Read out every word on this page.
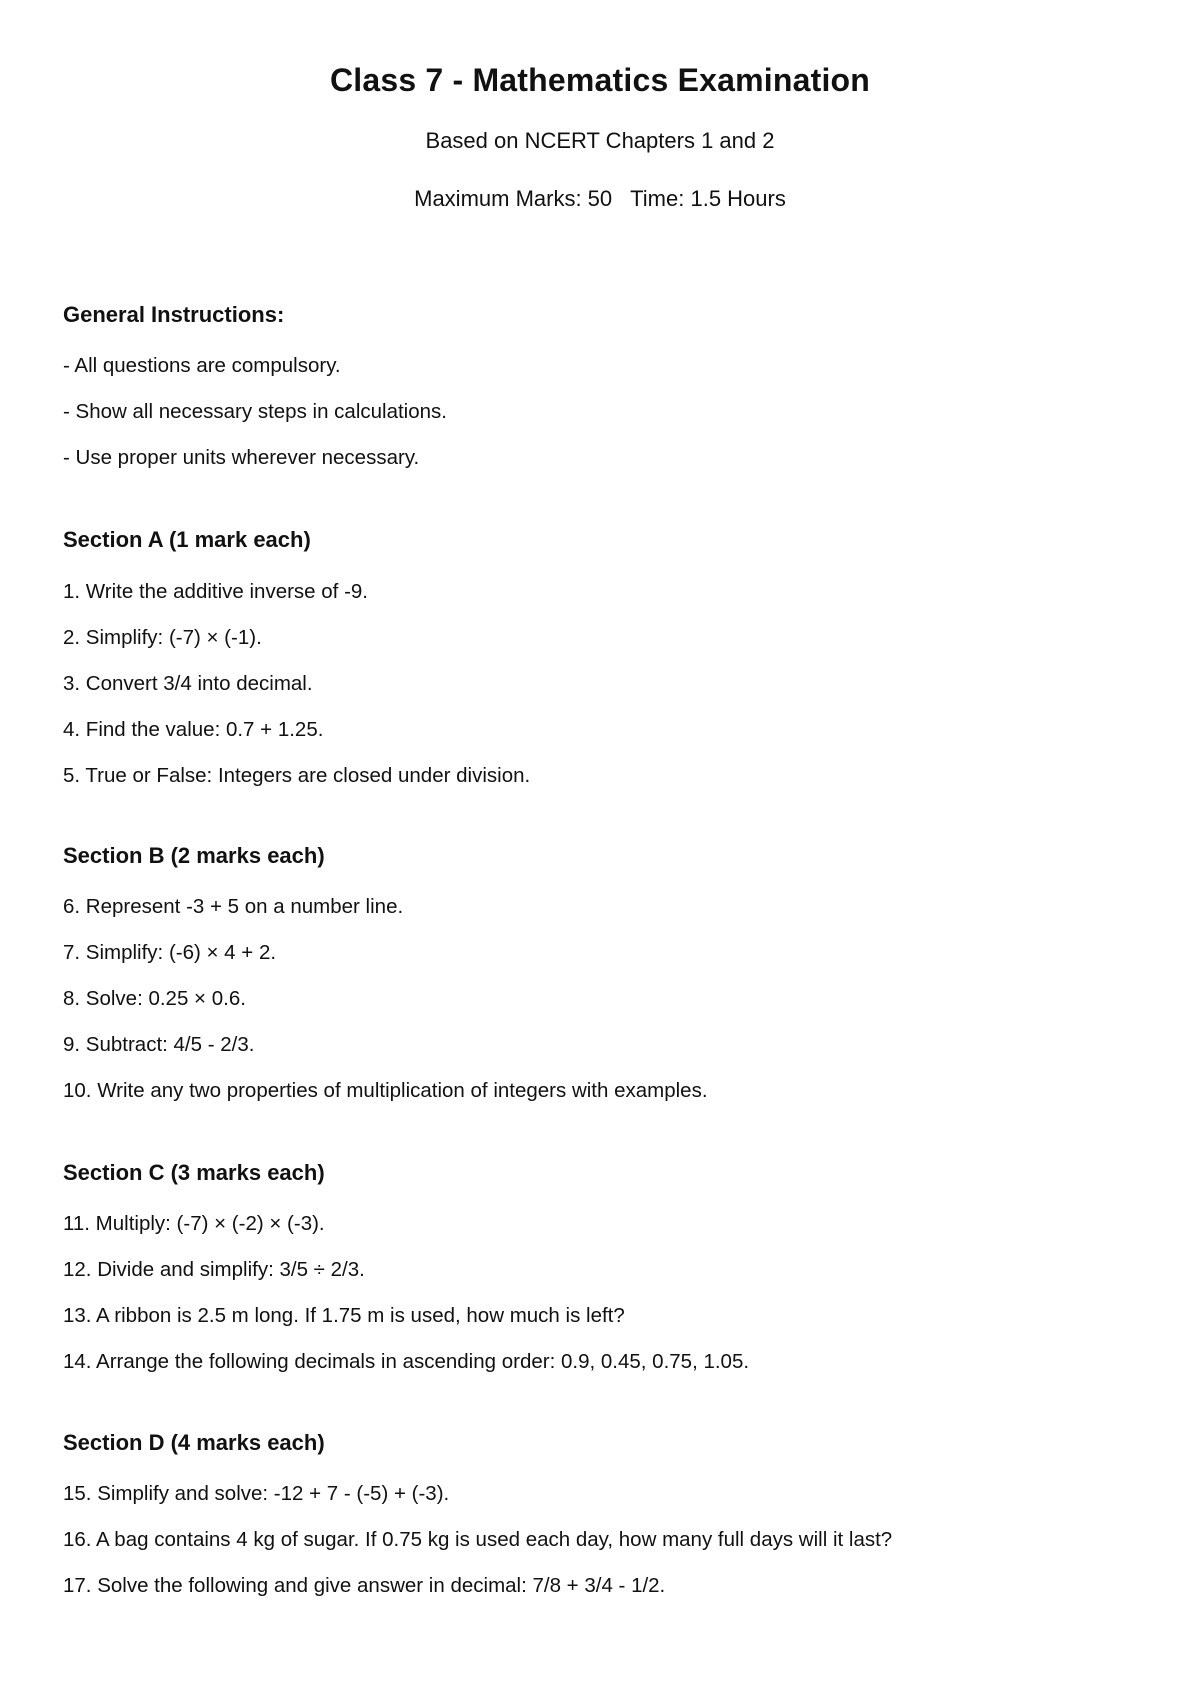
Class 7 - Mathematics Examination
Based on NCERT Chapters 1 and 2
Maximum Marks: 50 Time: 1.5 Hours
General Instructions:
- All questions are compulsory.
- Show all necessary steps in calculations.
- Use proper units wherever necessary.
Section A (1 mark each)
1. Write the additive inverse of -9.
2. Simplify: (-7) × (-1).
3. Convert 3/4 into decimal.
4. Find the value: 0.7 + 1.25.
5. True or False: Integers are closed under division.
Section B (2 marks each)
6. Represent -3 + 5 on a number line.
7. Simplify: (-6) × 4 + 2.
8. Solve: 0.25 × 0.6.
9. Subtract: 4/5 - 2/3.
10. Write any two properties of multiplication of integers with examples.
Section C (3 marks each)
11. Multiply: (-7) × (-2) × (-3).
12. Divide and simplify: 3/5 ÷ 2/3.
13. A ribbon is 2.5 m long. If 1.75 m is used, how much is left?
14. Arrange the following decimals in ascending order: 0.9, 0.45, 0.75, 1.05.
Section D (4 marks each)
15. Simplify and solve: -12 + 7 - (-5) + (-3).
16. A bag contains 4 kg of sugar. If 0.75 kg is used each day, how many full days will it last?
17. Solve the following and give answer in decimal: 7/8 + 3/4 - 1/2.
